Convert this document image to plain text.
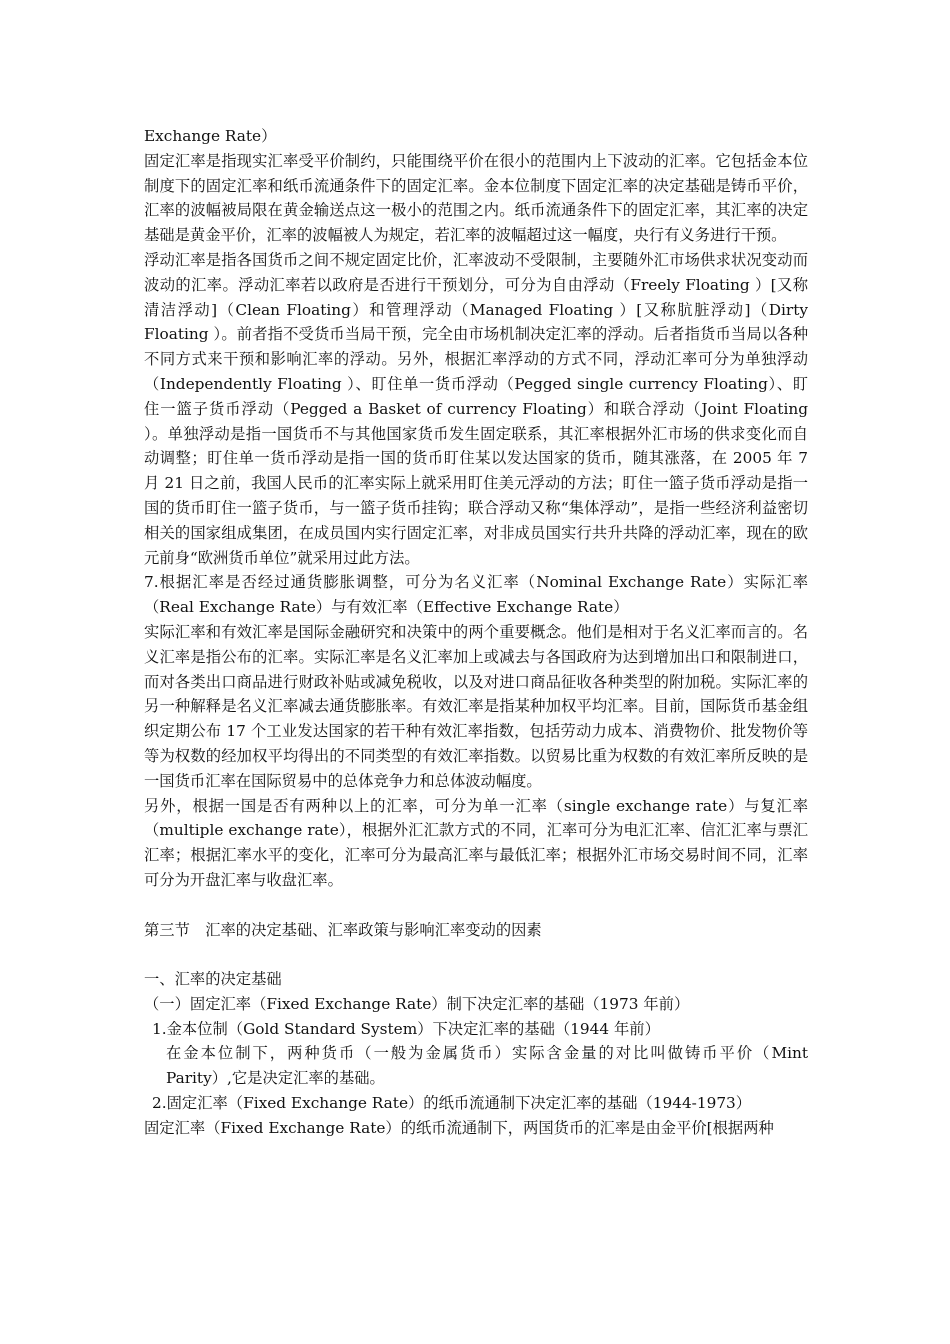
Exchange Rate）

固定汇率是指现实汇率受平价制约，只能围绕平价在很小的范围内上下波动的汇率。它包括金本位制度下的固定汇率和纸币流通条件下的固定汇率。金本位制度下固定汇率的决定基础是铸币平价，汇率的波幅被局限在黄金输送点这一极小的范围之内。纸币流通条件下的固定汇率，其汇率的决定基础是黄金平价，汇率的波幅被人为规定，若汇率的波幅超过这一幅度，央行有义务进行干预。

浮动汇率是指各国货币之间不规定固定比价，汇率波动不受限制，主要随外汇市场供求状况变动而波动的汇率。浮动汇率若以政府是否进行干预划分，可分为自由浮动（Freely Floating ）[又称清洁浮动]（Clean Floating）和管理浮动（Managed Floating ）[又称肮脏浮动]（Dirty Floating ）。前者指不受货币当局干预，完全由市场机制决定汇率的浮动。后者指货币当局以各种不同方式来干预和影响汇率的浮动。另外，根据汇率浮动的方式不同，浮动汇率可分为单独浮动（Independently Floating ）、盯住单一货币浮动（Pegged single currency Floating）、盯住一篮子货币浮动（Pegged a Basket of currency Floating）和联合浮动（Joint Floating ）。单独浮动是指一国货币不与其他国家货币发生固定联系，其汇率根据外汇市场的供求变化而自动调整；盯住单一货币浮动是指一国的货币盯住某以发达国家的货币，随其涨落，在 2005 年 7 月 21 日之前，我国人民币的汇率实际上就采用盯住美元浮动的方法；盯住一篮子货币浮动是指一国的货币盯住一篮子货币，与一篮子货币挂钩；联合浮动又称“集体浮动”，是指一些经济利益密切相关的国家组成集团，在成员国内实行固定汇率，对非成员国实行共升共降的浮动汇率，现在的欧元前身“欧洲货币单位”就采用过此方法。

7.根据汇率是否经过通货膨胀调整，可分为名义汇率（Nominal Exchange Rate）实际汇率（Real Exchange Rate）与有效汇率（Effective Exchange Rate）

实际汇率和有效汇率是国际金融研究和决策中的两个重要概念。他们是相对于名义汇率而言的。名义汇率是指公布的汇率。实际汇率是名义汇率加上或减去与各国政府为达到增加出口和限制进口，而对各类出口商品进行财政补贴或减免税收，以及对进口商品征收各种类型的附加税。实际汇率的另一种解释是名义汇率减去通货膨胀率。有效汇率是指某种加权平均汇率。目前，国际货币基金组织定期公布 17 个工业发达国家的若干种有效汇率指数，包括劳动力成本、消费物价、批发物价等等为权数的经加权平均得出的不同类型的有效汇率指数。以贸易比重为权数的有效汇率所反映的是一国货币汇率在国际贸易中的总体竞争力和总体波动幅度。

另外，根据一国是否有两种以上的汇率，可分为单一汇率（single exchange rate）与复汇率（multiple exchange rate），根据外汇汇款方式的不同，汇率可分为电汇汇率、信汇汇率与票汇汇率；根据汇率水平的变化，汇率可分为最高汇率与最低汇率；根据外汇市场交易时间不同，汇率可分为开盘汇率与收盘汇率。

第三节　汇率的决定基础、汇率政策与影响汇率变动的因素

一、汇率的决定基础

（一）固定汇率（Fixed Exchange Rate）制下决定汇率的基础（1973 年前）

1.金本位制（Gold Standard System）下决定汇率的基础（1944 年前）

在金本位制下，两种货币（一般为金属货币）实际含金量的对比叫做铸币平价（Mint Parity）,它是决定汇率的基础。

2.固定汇率（Fixed Exchange Rate）的纸币流通制下决定汇率的基础（1944-1973）

固定汇率（Fixed Exchange Rate）的纸币流通制下，两国货币的汇率是由金平价[根据两种
